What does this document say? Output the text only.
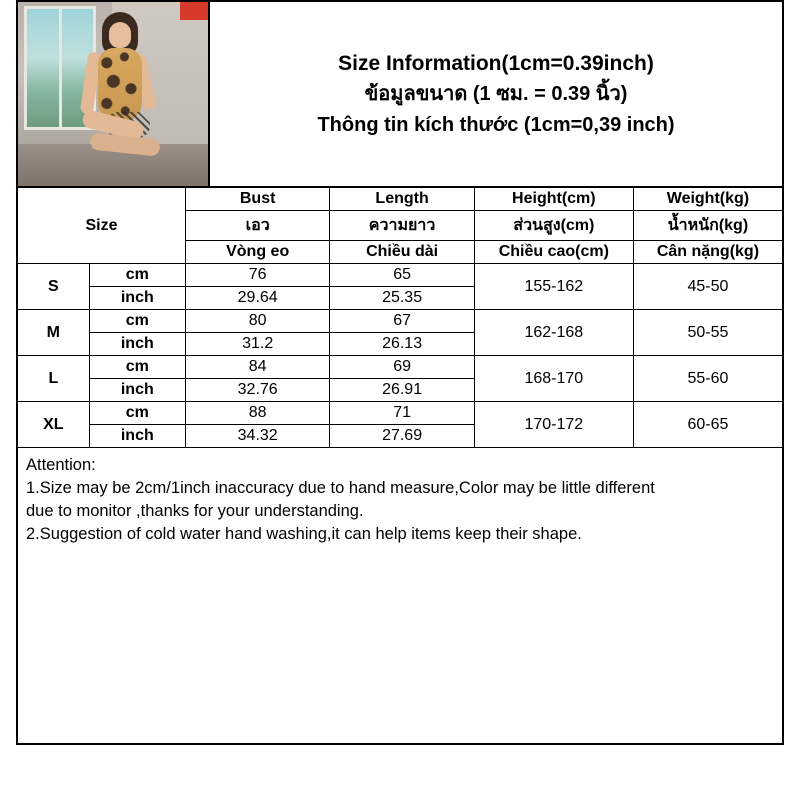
Size Information(1cm=0.39inch)
ข้อมูลขนาด (1 ซม. = 0.39 นิ้ว)
Thông tin kích thước (1cm=0,39 inch)
Size		Bust	Length	Height(cm)	Weight(kg)
		เอว	ความยาว	ส่วนสูง(cm)	น้ำหนัก(kg)
		Vòng eo	Chiều dài	Chiều cao(cm)	Cân nặng(kg)
S	cm	76	65	155-162	45-50
	inch	29.64	25.35		
M	cm	80	67	162-168	50-55
	inch	31.2	26.13		
L	cm	84	69	168-170	55-60
	inch	32.76	26.91		
XL	cm	88	71	170-172	60-65
	inch	34.32	27.69		

Attention:

1.Size may be 2cm/1inch inaccuracy due to hand measure,Color may be little different

due to monitor ,thanks for your understanding.

2.Suggestion of cold water hand washing,it can help items keep their shape.
